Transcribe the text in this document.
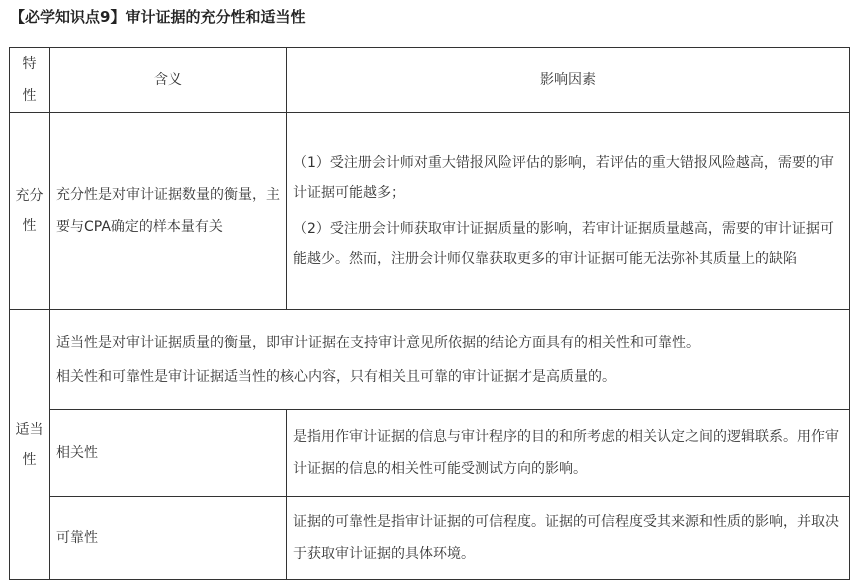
【必学知识点9】审计证据的充分性和适当性
特性	含义	影响因素
充分性	充分性是对审计证据数量的衡量，主要与CPA确定的样本量有关	（1）受注册会计师对重大错报风险评估的影响，若评估的重大错报风险越高，需要的审计证据可能越多；

（2）受注册会计师获取审计证据质量的影响，若审计证据质量越高，需要的审计证据可能越少。然而，注册会计师仅靠获取更多的审计证据可能无法弥补其质量上的缺陷

适当性	适当性是对审计证据质量的衡量，即审计证据在支持审计意见所依据的结论方面具有的相关性和可靠性。

相关性和可靠性是审计证据适当性的核心内容，只有相关且可靠的审计证据才是高质量的。	

	相关性	是指用作审计证据的信息与审计程序的目的和所考虑的相关认定之间的逻辑联系。用作审计证据的信息的相关性可能受测试方向的影响。
	可靠性	证据的可靠性是指审计证据的可信程度。证据的可信程度受其来源和性质的影响，并取决于获取审计证据的具体环境。
